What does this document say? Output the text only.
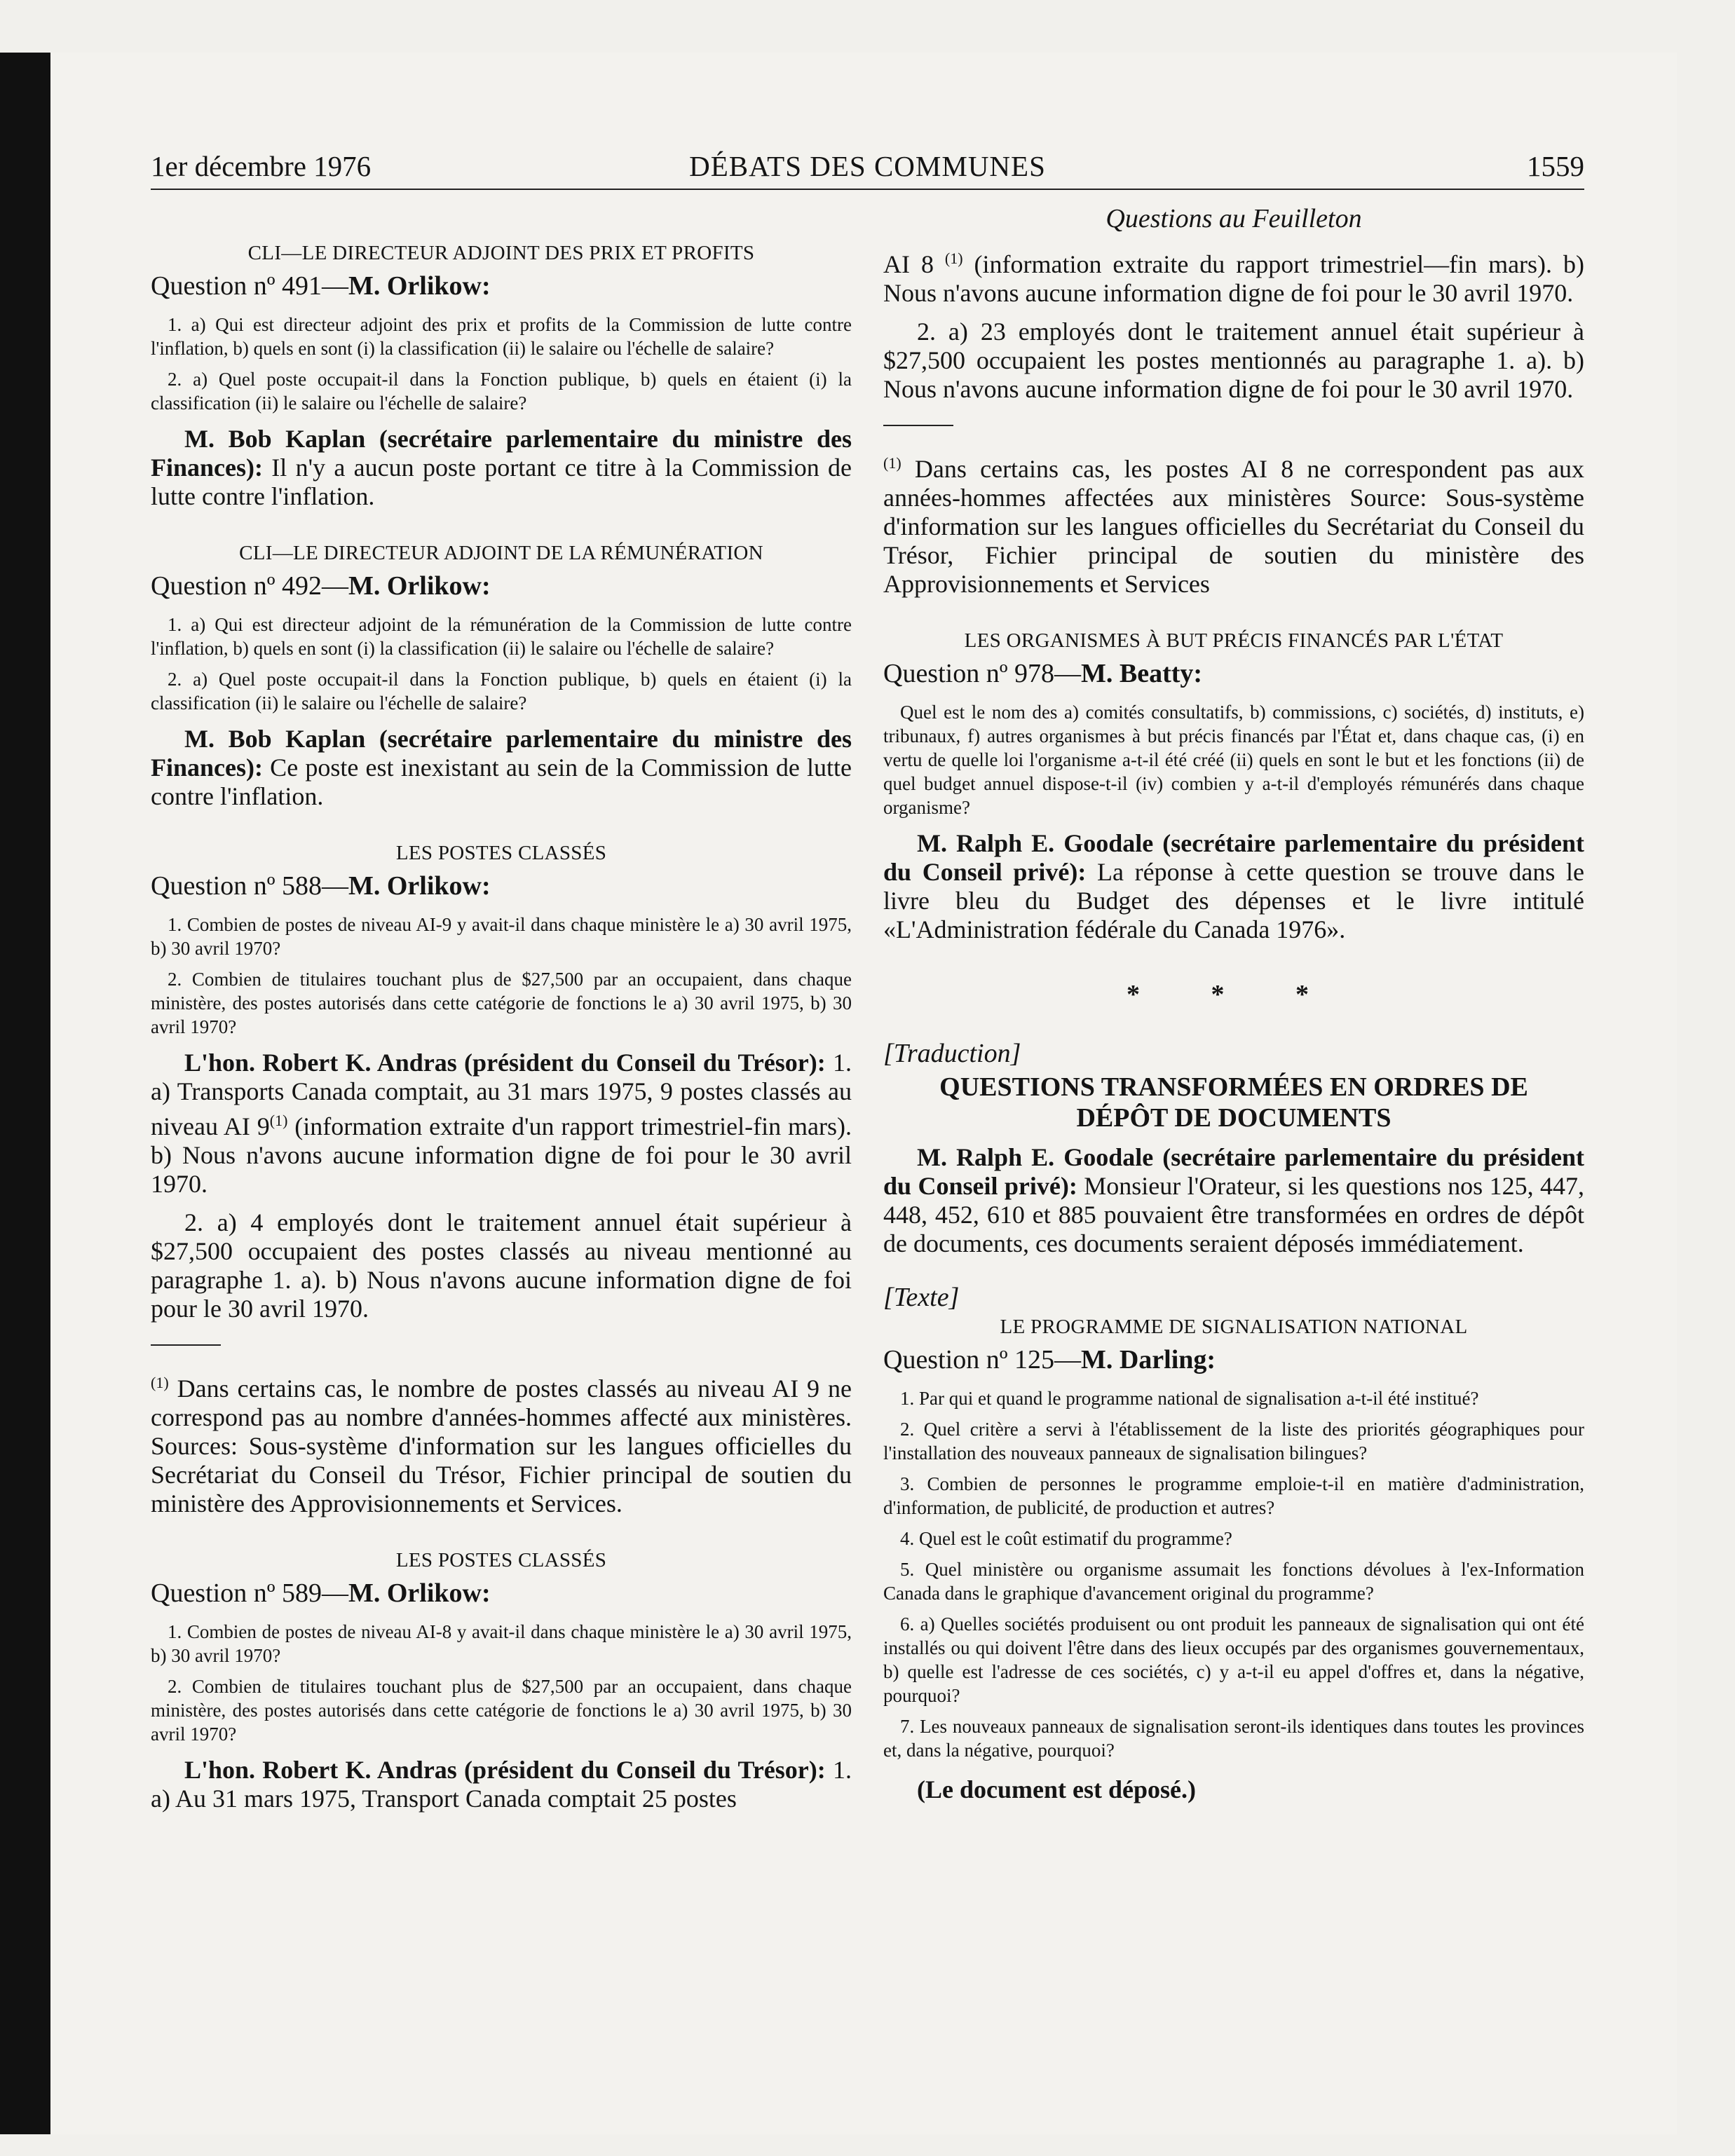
1er décembre 1976	DÉBATS DES COMMUNES	1559
CLI—LE DIRECTEUR ADJOINT DES PRIX ET PROFITS
Question nº 491—M. Orlikow:

1. a) Qui est directeur adjoint des prix et profits de la Commission de lutte contre l'inflation, b) quels en sont (i) la classification (ii) le salaire ou l'échelle de salaire?

2. a) Quel poste occupait-il dans la Fonction publique, b) quels en étaient (i) la classification (ii) le salaire ou l'échelle de salaire?

M. Bob Kaplan (secrétaire parlementaire du ministre des Finances): Il n'y a aucun poste portant ce titre à la Commission de lutte contre l'inflation.

CLI—LE DIRECTEUR ADJOINT DE LA RÉMUNÉRATION
Question nº 492—M. Orlikow:

1. a) Qui est directeur adjoint de la rémunération de la Commission de lutte contre l'inflation, b) quels en sont (i) la classification (ii) le salaire ou l'échelle de salaire?

2. a) Quel poste occupait-il dans la Fonction publique, b) quels en étaient (i) la classification (ii) le salaire ou l'échelle de salaire?

M. Bob Kaplan (secrétaire parlementaire du ministre des Finances): Ce poste est inexistant au sein de la Commission de lutte contre l'inflation.

LES POSTES CLASSÉS
Question nº 588—M. Orlikow:

1. Combien de postes de niveau AI-9 y avait-il dans chaque ministère le a) 30 avril 1975, b) 30 avril 1970?

2. Combien de titulaires touchant plus de $27,500 par an occupaient, dans chaque ministère, des postes autorisés dans cette catégorie de fonctions le a) 30 avril 1975, b) 30 avril 1970?

L'hon. Robert K. Andras (président du Conseil du Trésor): 1. a) Transports Canada comptait, au 31 mars 1975, 9 postes classés au niveau AI 9$^{(1)}$ (information extraite d'un rapport trimestriel-fin mars). b) Nous n'avons aucune information digne de foi pour le 30 avril 1970.

2. a) 4 employés dont le traitement annuel était supérieur à $27,500 occupaient des postes classés au niveau mentionné au paragraphe 1. a). b) Nous n'avons aucune information digne de foi pour le 30 avril 1970.

$^{(1)}$ Dans certains cas, le nombre de postes classés au niveau AI 9 ne correspond pas au nombre d'années-hommes affecté aux ministères. Sources: Sous-système d'information sur les langues officielles du Secrétariat du Conseil du Trésor, Fichier principal de soutien du ministère des Approvisionnements et Services.

LES POSTES CLASSÉS
Question nº 589—M. Orlikow:

1. Combien de postes de niveau AI-8 y avait-il dans chaque ministère le a) 30 avril 1975, b) 30 avril 1970?

2. Combien de titulaires touchant plus de $27,500 par an occupaient, dans chaque ministère, des postes autorisés dans cette catégorie de fonctions le a) 30 avril 1975, b) 30 avril 1970?

L'hon. Robert K. Andras (président du Conseil du Trésor): 1. a) Au 31 mars 1975, Transport Canada comptait 25 postes

Questions au Feuilleton

AI 8 $^{(1)}$ (information extraite du rapport trimestriel—fin mars). b) Nous n'avons aucune information digne de foi pour le 30 avril 1970.

2. a) 23 employés dont le traitement annuel était supérieur à $27,500 occupaient les postes mentionnés au paragraphe 1. a). b) Nous n'avons aucune information digne de foi pour le 30 avril 1970.

$^{(1)}$ Dans certains cas, les postes AI 8 ne correspondent pas aux années-hommes affectées aux ministères Source: Sous-système d'information sur les langues officielles du Secrétariat du Conseil du Trésor, Fichier principal de soutien du ministère des Approvisionnements et Services

LES ORGANISMES À BUT PRÉCIS FINANCÉS PAR L'ÉTAT
Question nº 978—M. Beatty:

Quel est le nom des a) comités consultatifs, b) commissions, c) sociétés, d) instituts, e) tribunaux, f) autres organismes à but précis financés par l'État et, dans chaque cas, (i) en vertu de quelle loi l'organisme a-t-il été créé (ii) quels en sont le but et les fonctions (ii) de quel budget annuel dispose-t-il (iv) combien y a-t-il d'employés rémunérés dans chaque organisme?

M. Ralph E. Goodale (secrétaire parlementaire du président du Conseil privé): La réponse à cette question se trouve dans le livre bleu du Budget des dépenses et le livre intitulé «L'Administration fédérale du Canada 1976».

* * *
[Traduction]
QUESTIONS TRANSFORMÉES EN ORDRES DE
DÉPÔT DE DOCUMENTS

M. Ralph E. Goodale (secrétaire parlementaire du président du Conseil privé): Monsieur l'Orateur, si les questions nos 125, 447, 448, 452, 610 et 885 pouvaient être transformées en ordres de dépôt de documents, ces documents seraient déposés immédiatement.

[Texte]
LE PROGRAMME DE SIGNALISATION NATIONAL
Question nº 125—M. Darling:

1. Par qui et quand le programme national de signalisation a-t-il été institué?

2. Quel critère a servi à l'établissement de la liste des priorités géographiques pour l'installation des nouveaux panneaux de signalisation bilingues?

3. Combien de personnes le programme emploie-t-il en matière d'administration, d'information, de publicité, de production et autres?

4. Quel est le coût estimatif du programme?

5. Quel ministère ou organisme assumait les fonctions dévolues à l'ex-Information Canada dans le graphique d'avancement original du programme?

6. a) Quelles sociétés produisent ou ont produit les panneaux de signalisation qui ont été installés ou qui doivent l'être dans des lieux occupés par des organismes gouvernementaux, b) quelle est l'adresse de ces sociétés, c) y a-t-il eu appel d'offres et, dans la négative, pourquoi?

7. Les nouveaux panneaux de signalisation seront-ils identiques dans toutes les provinces et, dans la négative, pourquoi?

(Le document est déposé.)
